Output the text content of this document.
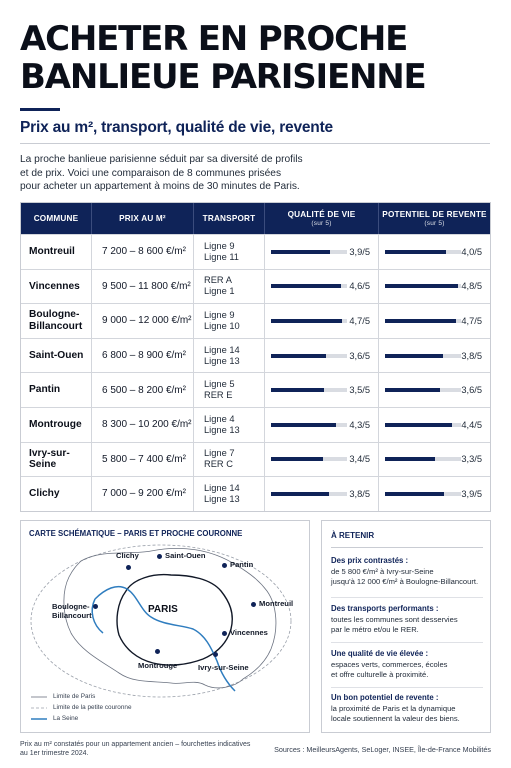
ACHETER EN PROCHE BANLIEUE PARISIENNE
Prix au m², transport, qualité de vie, revente

La proche banlieue parisienne séduit par sa diversité de profils
et de prix. Voici une comparaison de 8 communes prisées
pour acheter un appartement à moins de 30 minutes de Paris.

COMMUNE	PRIX AU M²	TRANSPORT	QUALITÉ DE VIE
(sur 5)
POTENTIEL DE REVENTE
(sur 5)
Montreuil	7 200 – 8 600 €/m²
Ligne 9
Ligne 11	3,9/5	4,0/5
Vincennes	9 500 – 11 800 €/m²
RER A
Ligne 1	4,6/5	4,8/5
Boulogne-
Billancourt	9 000 – 12 000 €/m²
Ligne 9
Ligne 10	4,7/5	4,7/5
Saint-Ouen	6 800 – 8 900 €/m²
Ligne 14
Ligne 13	3,6/5	3,8/5
Pantin	6 500 – 8 200 €/m²
Ligne 5
RER E	3,5/5	3,6/5
Montrouge	8 300 – 10 200 €/m²
Ligne 4
Ligne 13	4,3/5	4,4/5
Ivry-sur-Seine	5 800 – 7 400 €/m²
Ligne 7
RER C	3,4/5	3,3/5
Clichy	7 000 – 9 200 €/m²
Ligne 14
Ligne 13	3,8/5	3,9/5
CARTE SCHÉMATIQUE – PARIS ET PROCHE COURONNE
PARIS
Clichy	Saint-Ouen
Pantin
Montreuil
Vincennes
Ivry-sur-Seine
Montrouge
Boulogne-
Billancourt
Limite de Paris
Limite de la petite couronne
La Seine
À RETENIR
Des prix contrastés :
de 5 800 €/m² à Ivry-sur-Seine
jusqu'à 12 000 €/m² à Boulogne-Billancourt.
Des transports performants :
toutes les communes sont desservies
par le métro et/ou le RER.
Une qualité de vie élevée :
espaces verts, commerces, écoles
et offre culturelle à proximité.
Un bon potentiel de revente :
la proximité de Paris et la dynamique
locale soutiennent la valeur des biens.
Prix au m² constatés pour un appartement ancien – fourchettes indicatives
au 1er trimestre 2024.	Sources : MeilleursAgents, SeLoger, INSEE, Île-de-France Mobilités
